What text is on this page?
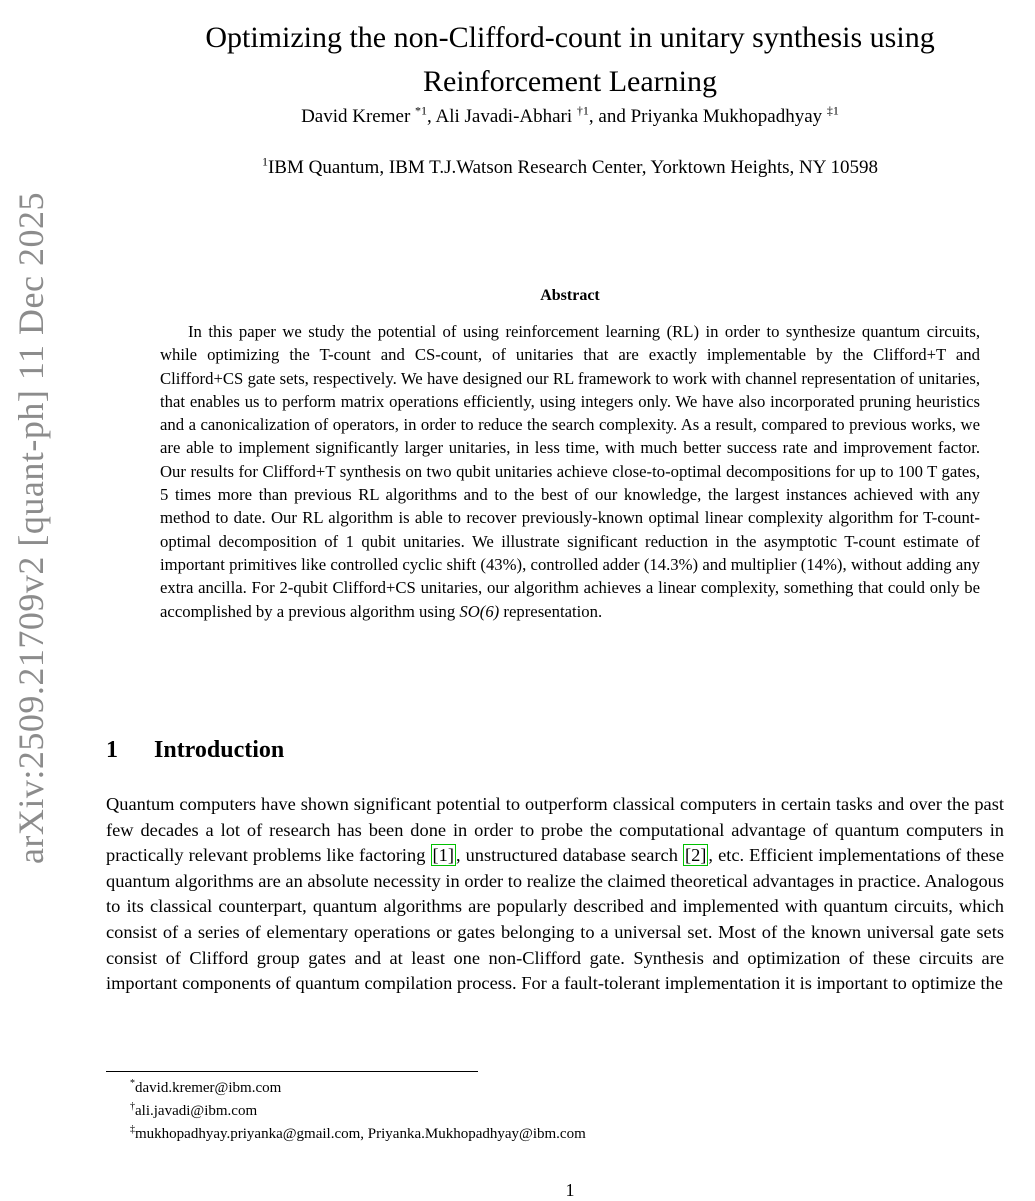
arXiv:2509.21709v2 [quant-ph] 11 Dec 2025
Optimizing the non-Clifford-count in unitary synthesis using Reinforcement Learning
David Kremer $^{*1}$, Ali Javadi-Abhari $^{\dagger 1}$, and Priyanka Mukhopadhyay $^{\ddagger 1}$
$^1$IBM Quantum, IBM T.J.Watson Research Center, Yorktown Heights, NY 10598
Abstract

In this paper we study the potential of using reinforcement learning (RL) in order to synthesize quantum circuits, while optimizing the T-count and CS-count, of unitaries that are exactly implementable by the Clifford+T and Clifford+CS gate sets, respectively. We have designed our RL framework to work with channel representation of unitaries, that enables us to perform matrix operations efficiently, using integers only. We have also incorporated pruning heuristics and a canonicalization of operators, in order to reduce the search complexity. As a result, compared to previous works, we are able to implement significantly larger unitaries, in less time, with much better success rate and improvement factor. Our results for Clifford+T synthesis on two qubit unitaries achieve close-to-optimal decompositions for up to 100 T gates, 5 times more than previous RL algorithms and to the best of our knowledge, the largest instances achieved with any method to date. Our RL algorithm is able to recover previously-known optimal linear complexity algorithm for T-count-optimal decomposition of 1 qubit unitaries. We illustrate significant reduction in the asymptotic T-count estimate of important primitives like controlled cyclic shift (43%), controlled adder (14.3%) and multiplier (14%), without adding any extra ancilla. For 2-qubit Clifford+CS unitaries, our algorithm achieves a linear complexity, something that could only be accomplished by a previous algorithm using SO(6) representation.

1 Introduction

Quantum computers have shown significant potential to outperform classical computers in certain tasks and over the past few decades a lot of research has been done in order to probe the computational advantage of quantum computers in practically relevant problems like factoring [1] , unstructured database search [2] , etc. Efficient implementations of these quantum algorithms are an absolute necessity in order to realize the claimed theoretical advantages in practice. Analogous to its classical counterpart, quantum algorithms are popularly described and implemented with quantum circuits, which consist of a series of elementary operations or gates belonging to a universal set. Most of the known universal gate sets consist of Clifford group gates and at least one non-Clifford gate. Synthesis and optimization of these circuits are important components of quantum compilation process. For a fault-tolerant implementation it is important to optimize the

*david.kremer@ibm.com
†ali.javadi@ibm.com
‡mukhopadhyay.priyanka@gmail.com, Priyanka.Mukhopadhyay@ibm.com
1
